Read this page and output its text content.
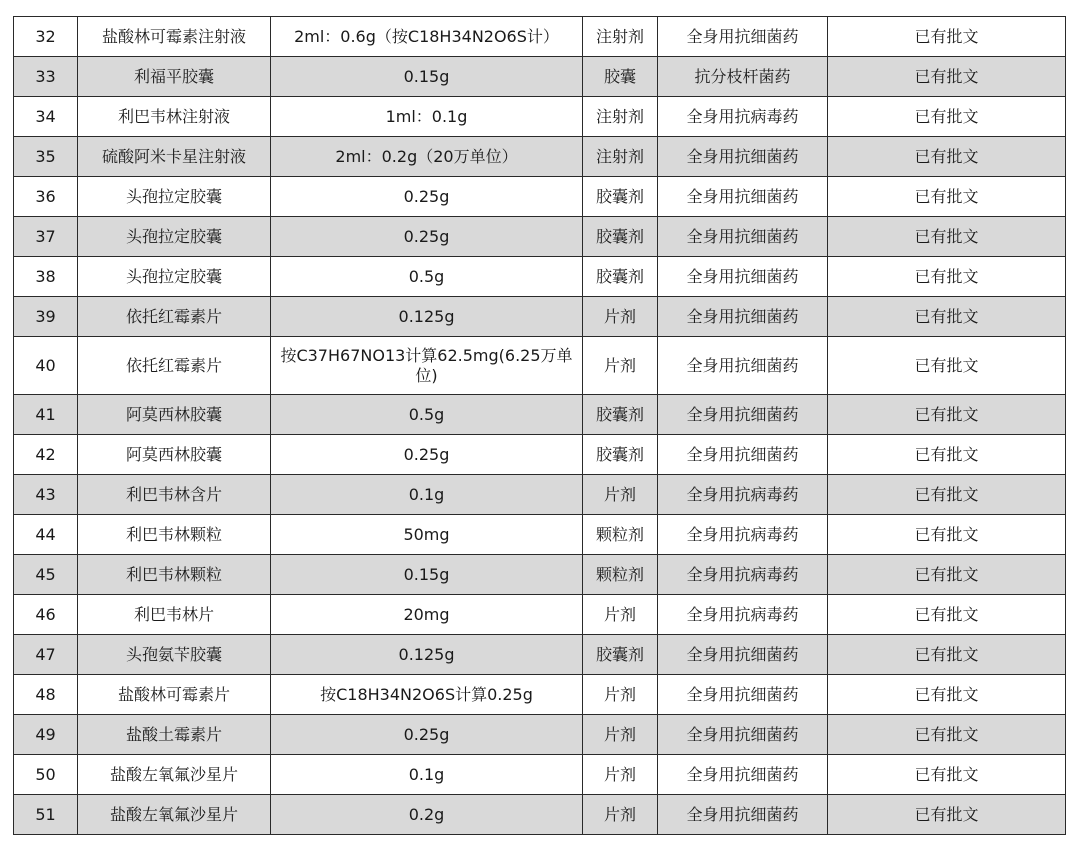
32	盐酸林可霉素注射液	2ml：0.6g（按C18H34N2O6S计）	注射剂	全身用抗细菌药	已有批文
33	利福平胶囊	0.15g	胶囊	抗分枝杆菌药	已有批文
34	利巴韦林注射液	1ml：0.1g	注射剂	全身用抗病毒药	已有批文
35	硫酸阿米卡星注射液	2ml：0.2g（20万单位）	注射剂	全身用抗细菌药	已有批文
36	头孢拉定胶囊	0.25g	胶囊剂	全身用抗细菌药	已有批文
37	头孢拉定胶囊	0.25g	胶囊剂	全身用抗细菌药	已有批文
38	头孢拉定胶囊	0.5g	胶囊剂	全身用抗细菌药	已有批文
39	依托红霉素片	0.125g	片剂	全身用抗细菌药	已有批文
40	依托红霉素片	按C37H67NO13计算62.5mg(6.25万单位)	片剂	全身用抗细菌药	已有批文
41	阿莫西林胶囊	0.5g	胶囊剂	全身用抗细菌药	已有批文
42	阿莫西林胶囊	0.25g	胶囊剂	全身用抗细菌药	已有批文
43	利巴韦林含片	0.1g	片剂	全身用抗病毒药	已有批文
44	利巴韦林颗粒	50mg	颗粒剂	全身用抗病毒药	已有批文
45	利巴韦林颗粒	0.15g	颗粒剂	全身用抗病毒药	已有批文
46	利巴韦林片	20mg	片剂	全身用抗病毒药	已有批文
47	头孢氨苄胶囊	0.125g	胶囊剂	全身用抗细菌药	已有批文
48	盐酸林可霉素片	按C18H34N2O6S计算0.25g	片剂	全身用抗细菌药	已有批文
49	盐酸土霉素片	0.25g	片剂	全身用抗细菌药	已有批文
50	盐酸左氧氟沙星片	0.1g	片剂	全身用抗细菌药	已有批文
51	盐酸左氧氟沙星片	0.2g	片剂	全身用抗细菌药	已有批文
